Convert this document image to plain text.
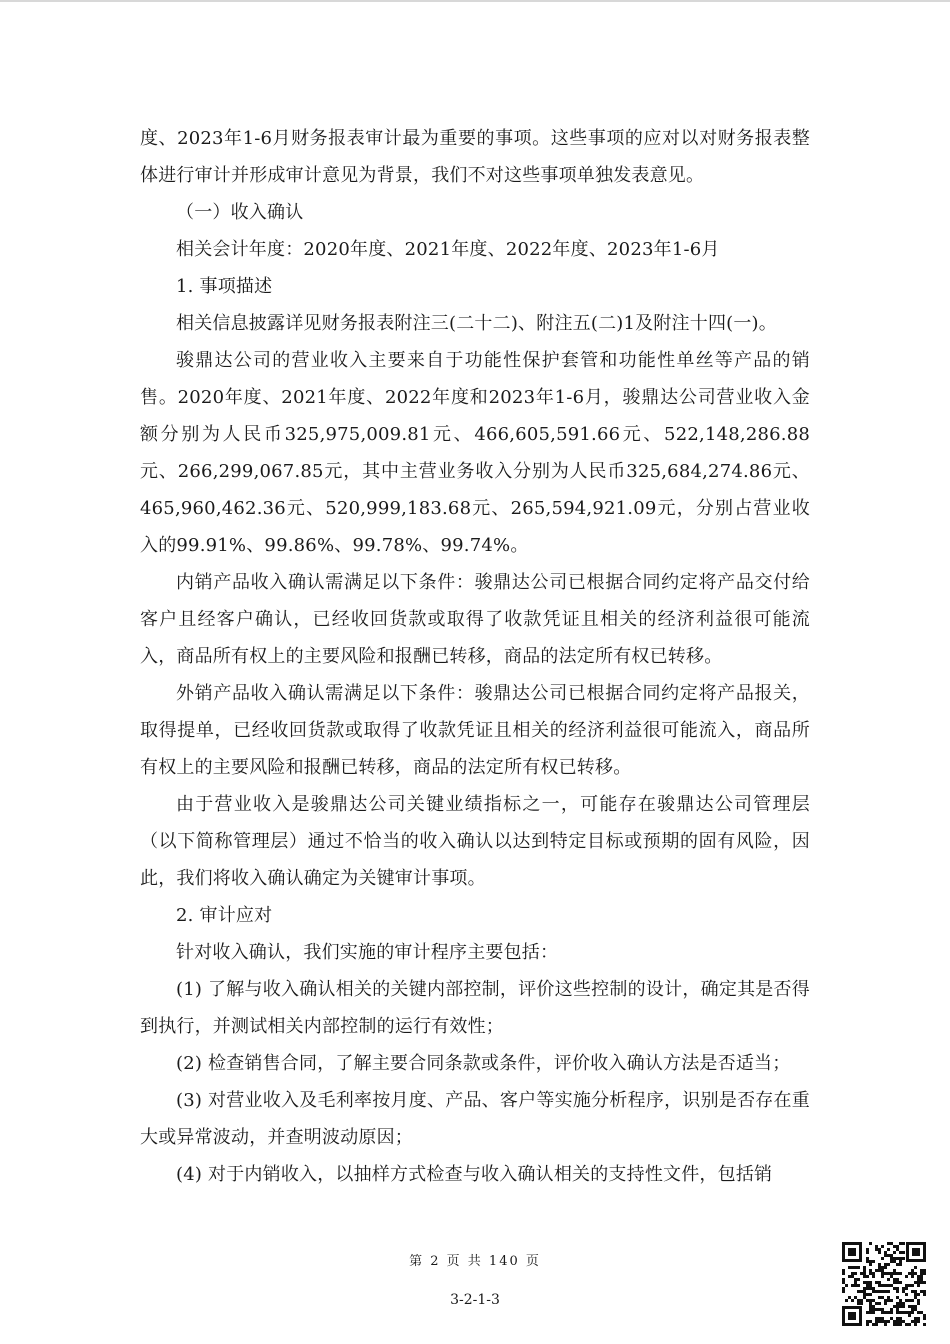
度、2023年1-6月财务报表审计最为重要的事项。这些事项的应对以对财务报表整体进行审计并形成审计意见为背景，我们不对这些事项单独发表意见。
（一）收入确认
相关会计年度：2020年度、2021年度、2022年度、2023年1-6月
1. 事项描述
相关信息披露详见财务报表附注三(二十二)、附注五(二)1及附注十四(一)。
骏鼎达公司的营业收入主要来自于功能性保护套管和功能性单丝等产品的销售。2020年度、2021年度、2022年度和2023年1-6月，骏鼎达公司营业收入金额分别为人民币325,975,009.81元、466,605,591.66元、522,148,286.88元、266,299,067.85元，其中主营业务收入分别为人民币325,684,274.86元、465,960,462.36元、520,999,183.68元、265,594,921.09元，分别占营业收入的99.91%、99.86%、99.78%、99.74%。
内销产品收入确认需满足以下条件：骏鼎达公司已根据合同约定将产品交付给客户且经客户确认，已经收回货款或取得了收款凭证且相关的经济利益很可能流入，商品所有权上的主要风险和报酬已转移，商品的法定所有权已转移。
外销产品收入确认需满足以下条件：骏鼎达公司已根据合同约定将产品报关，取得提单，已经收回货款或取得了收款凭证且相关的经济利益很可能流入，商品所有权上的主要风险和报酬已转移，商品的法定所有权已转移。
由于营业收入是骏鼎达公司关键业绩指标之一，可能存在骏鼎达公司管理层（以下简称管理层）通过不恰当的收入确认以达到特定目标或预期的固有风险，因此，我们将收入确认确定为关键审计事项。
2. 审计应对
针对收入确认，我们实施的审计程序主要包括：
(1) 了解与收入确认相关的关键内部控制，评价这些控制的设计，确定其是否得到执行，并测试相关内部控制的运行有效性；
(2) 检查销售合同，了解主要合同条款或条件，评价收入确认方法是否适当；
(3) 对营业收入及毛利率按月度、产品、客户等实施分析程序，识别是否存在重大或异常波动，并查明波动原因；
(4) 对于内销收入，以抽样方式检查与收入确认相关的支持性文件，包括销
第 2 页 共 140 页
3-2-1-3
